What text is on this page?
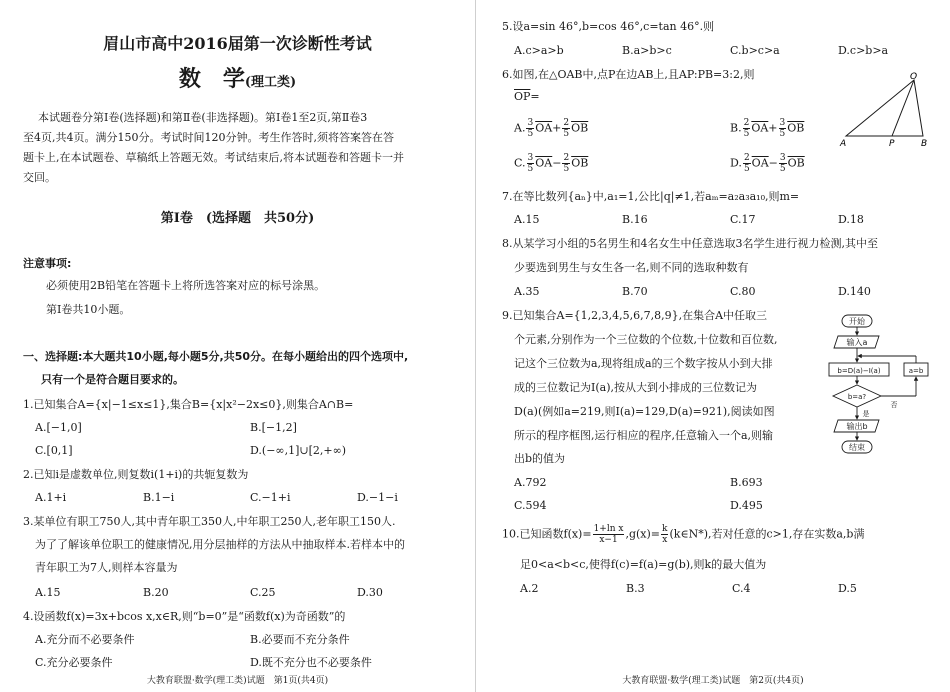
眉山市高中2016届第一次诊断性考试
数　学(理工类)
本试题卷分第Ⅰ卷(选择题)和第Ⅱ卷(非选择题)。第Ⅰ卷1至2页,第Ⅱ卷3
至4页,共4页。满分150分。考试时间120分钟。考生作答时,须将答案答在答
题卡上,在本试题卷、草稿纸上答题无效。考试结束后,将本试题卷和答题卡一并
交回。
第Ⅰ卷　(选择题　共50分)
注意事项:
必须使用2B铅笔在答题卡上将所选答案对应的标号涂黑。
第Ⅰ卷共10小题。
一、选择题:本大题共10小题,每小题5分,共50分。在每小题给出的四个选项中,
只有一个是符合题目要求的。
1.已知集合A={x|−1≤x≤1},集合B={x|x²−2x≤0},则集合A∩B=
A.[−1,0]	B.[−1,2]
C.[0,1]	D.(−∞,1]∪[2,+∞)
2.已知i是虚数单位,则复数i(1+i)的共轭复数为
A.1+i	B.1−i	C.−1+i	D.−1−i
3.某单位有职工750人,其中青年职工350人,中年职工250人,老年职工150人.
为了了解该单位职工的健康情况,用分层抽样的方法从中抽取样本.若样本中的
青年职工为7人,则样本容量为
A.15	B.20	C.25	D.30
4.设函数f(x)=3x+bcos x,x∈R,则“b=0”是“函数f(x)为奇函数”的
A.充分而不必要条件	B.必要而不充分条件
C.充分必要条件	D.既不充分也不必要条件
大教育联盟·数学(理工类)试题　第1页(共4页)
5.设a=sin 46°,b=cos 46°,c=tan 46°.则
A.c>a>b	B.a>b>c	C.b>c>a	D.c>b>a
6.如图,在△OAB中,点P在边AB上,且AP:PB=3:2,则
$\overline{OP}=$
A. $\frac{3}{5} \overline{OA}+ \frac{2}{5} \overline{OB}$	B. $\frac{2}{5} \overline{OA}+ \frac{3}{5} \overline{OB}$
C. $\frac{3}{5} \overline{OA}- \frac{2}{5} \overline{OB}$	D. $\frac{2}{5} \overline{OA}- \frac{3}{5} \overline{OB}$
O
A	P	B
7.在等比数列{aₙ}中,a₁=1,公比|q|≠1,若aₘ=a₂a₃a₁₀,则m=
A.15	B.16	C.17	D.18
8.从某学习小组的5名男生和4名女生中任意选取3名学生进行视力检测,其中至
少要选到男生与女生各一名,则不同的选取种数有
A.35	B.70	C.80	D.140
9.已知集合A={1,2,3,4,5,6,7,8,9},在集合A中任取三
个元素,分别作为一个三位数的个位数,十位数和百位数,
记这个三位数为a,现将组成a的三个数字按从小到大排
成的三位数记为I(a),按从大到小排成的三位数记为
D(a)(例如a=219,则I(a)=129,D(a)=921),阅读如图
所示的程序框图,运行相应的程序,任意输入一个a,则输
出b的值为
A.792	B.693
C.594	D.495
开始
输入a
b=D(a)−I(a)	a=b
b=a?
是
否
输出b
结束
10.已知函数$f(x)= \frac{\text{1+ln x}}{x-1} ,g(x)= \frac{k}{x}$ (k∈N*),若对任意的c>1,存在实数a,b满
足0<a<b<c,使得f(c)=f(a)=g(b),则k的最大值为
A.2	B.3	C.4	D.5
大教育联盟·数学(理工类)试题　第2页(共4页)
